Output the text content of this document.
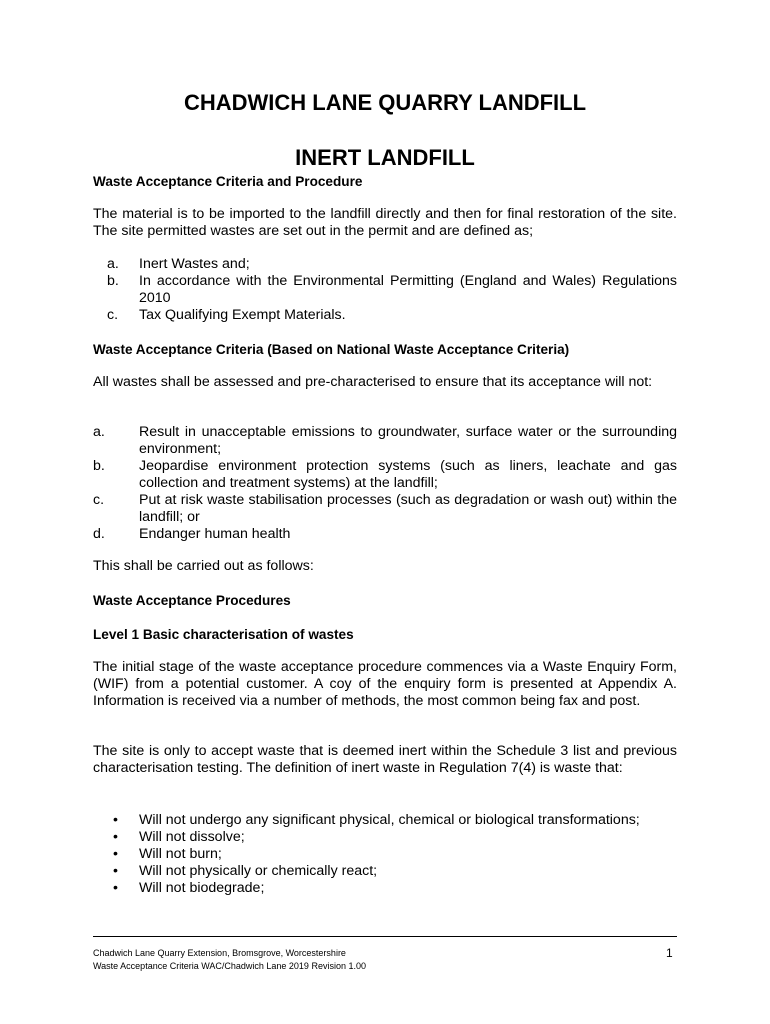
CHADWICH LANE QUARRY LANDFILL
INERT LANDFILL
Waste Acceptance Criteria and Procedure

The material is to be imported to the landfill directly and then for final restoration of the site. The site permitted wastes are set out in the permit and are defined as;

a. Inert Wastes and;
b. In accordance with the Environmental Permitting (England and Wales) Regulations 2010
c. Tax Qualifying Exempt Materials.
Waste Acceptance Criteria (Based on National Waste Acceptance Criteria)

All wastes shall be assessed and pre-characterised to ensure that its acceptance will not:

a. Result in unacceptable emissions to groundwater, surface water or the surrounding environment;
b. Jeopardise environment protection systems (such as liners, leachate and gas collection and treatment systems) at the landfill;
c. Put at risk waste stabilisation processes (such as degradation or wash out) within the landfill; or
d. Endanger human health

This shall be carried out as follows:

Waste Acceptance Procedures
Level 1 Basic characterisation of wastes

The initial stage of the waste acceptance procedure commences via a Waste Enquiry Form, (WIF) from a potential customer. A coy of the enquiry form is presented at Appendix A. Information is received via a number of methods, the most common being fax and post.

The site is only to accept waste that is deemed inert within the Schedule 3 list and previous characterisation testing. The definition of inert waste in Regulation 7(4) is waste that:

• Will not undergo any significant physical, chemical or biological transformations;
• Will not dissolve;
• Will not burn;
• Will not physically or chemically react;
• Will not biodegrade;
Chadwich Lane Quarry Extension, Bromsgrove, Worcestershire
Waste Acceptance Criteria WAC/Chadwich Lane 2019 Revision 1.00
1
